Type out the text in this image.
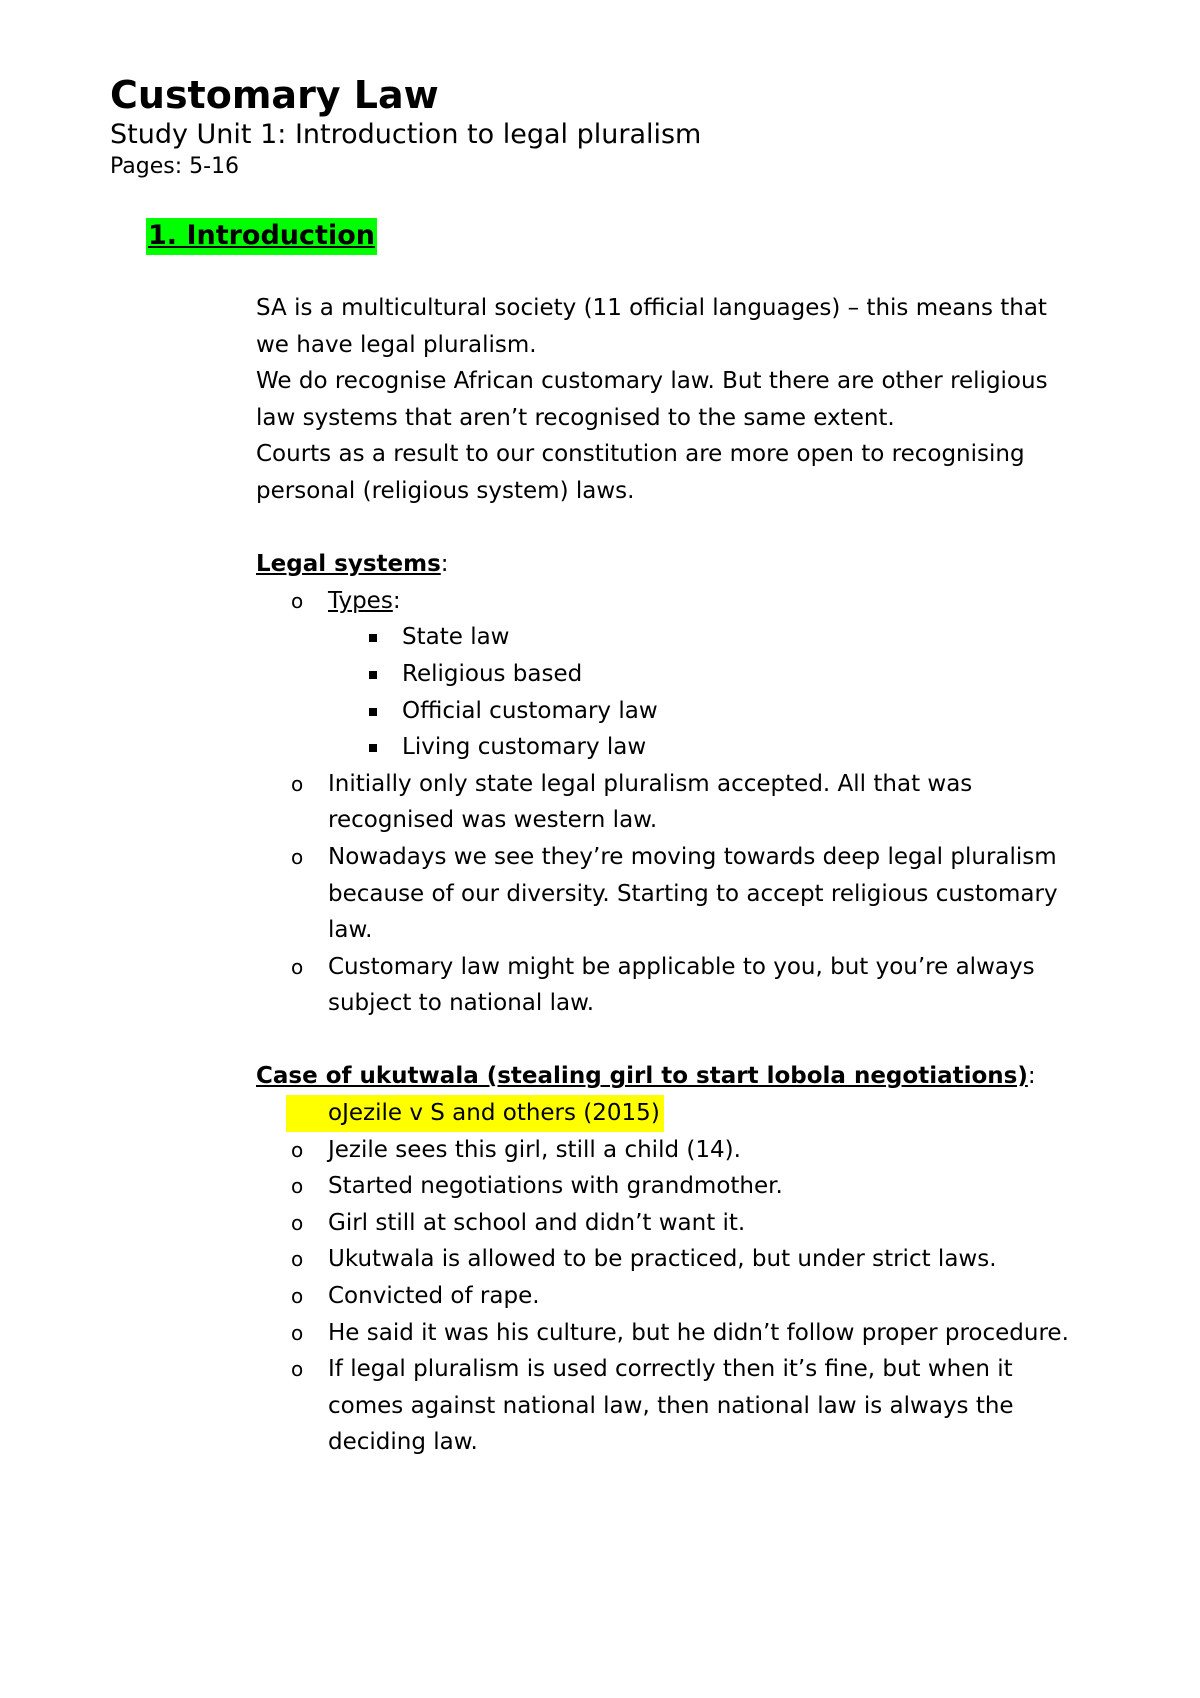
Customary Law
Study Unit 1: Introduction to legal pluralism
Pages: 5-16
1. Introduction

SA is a multicultural society (11 official languages) – this means that we have legal pluralism.

We do recognise African customary law. But there are other religious law systems that aren’t recognised to the same extent.

Courts as a result to our constitution are more open to recognising personal (religious system) laws.

Legal systems:

o Types:
State law
Religious based
Official customary law
Living customary law
o Initially only state legal pluralism accepted. All that was recognised was western law.
o Nowadays we see they’re moving towards deep legal pluralism because of our diversity. Starting to accept religious customary law.
o Customary law might be applicable to you, but you’re always subject to national law.

Case of ukutwala (stealing girl to start lobola negotiations):

oJezile v S and others (2015)
o Jezile sees this girl, still a child (14).
o Started negotiations with grandmother.
o Girl still at school and didn’t want it.
o Ukutwala is allowed to be practiced, but under strict laws.
o Convicted of rape.
o He said it was his culture, but he didn’t follow proper procedure.
o If legal pluralism is used correctly then it’s fine, but when it comes against national law, then national law is always the deciding law.
